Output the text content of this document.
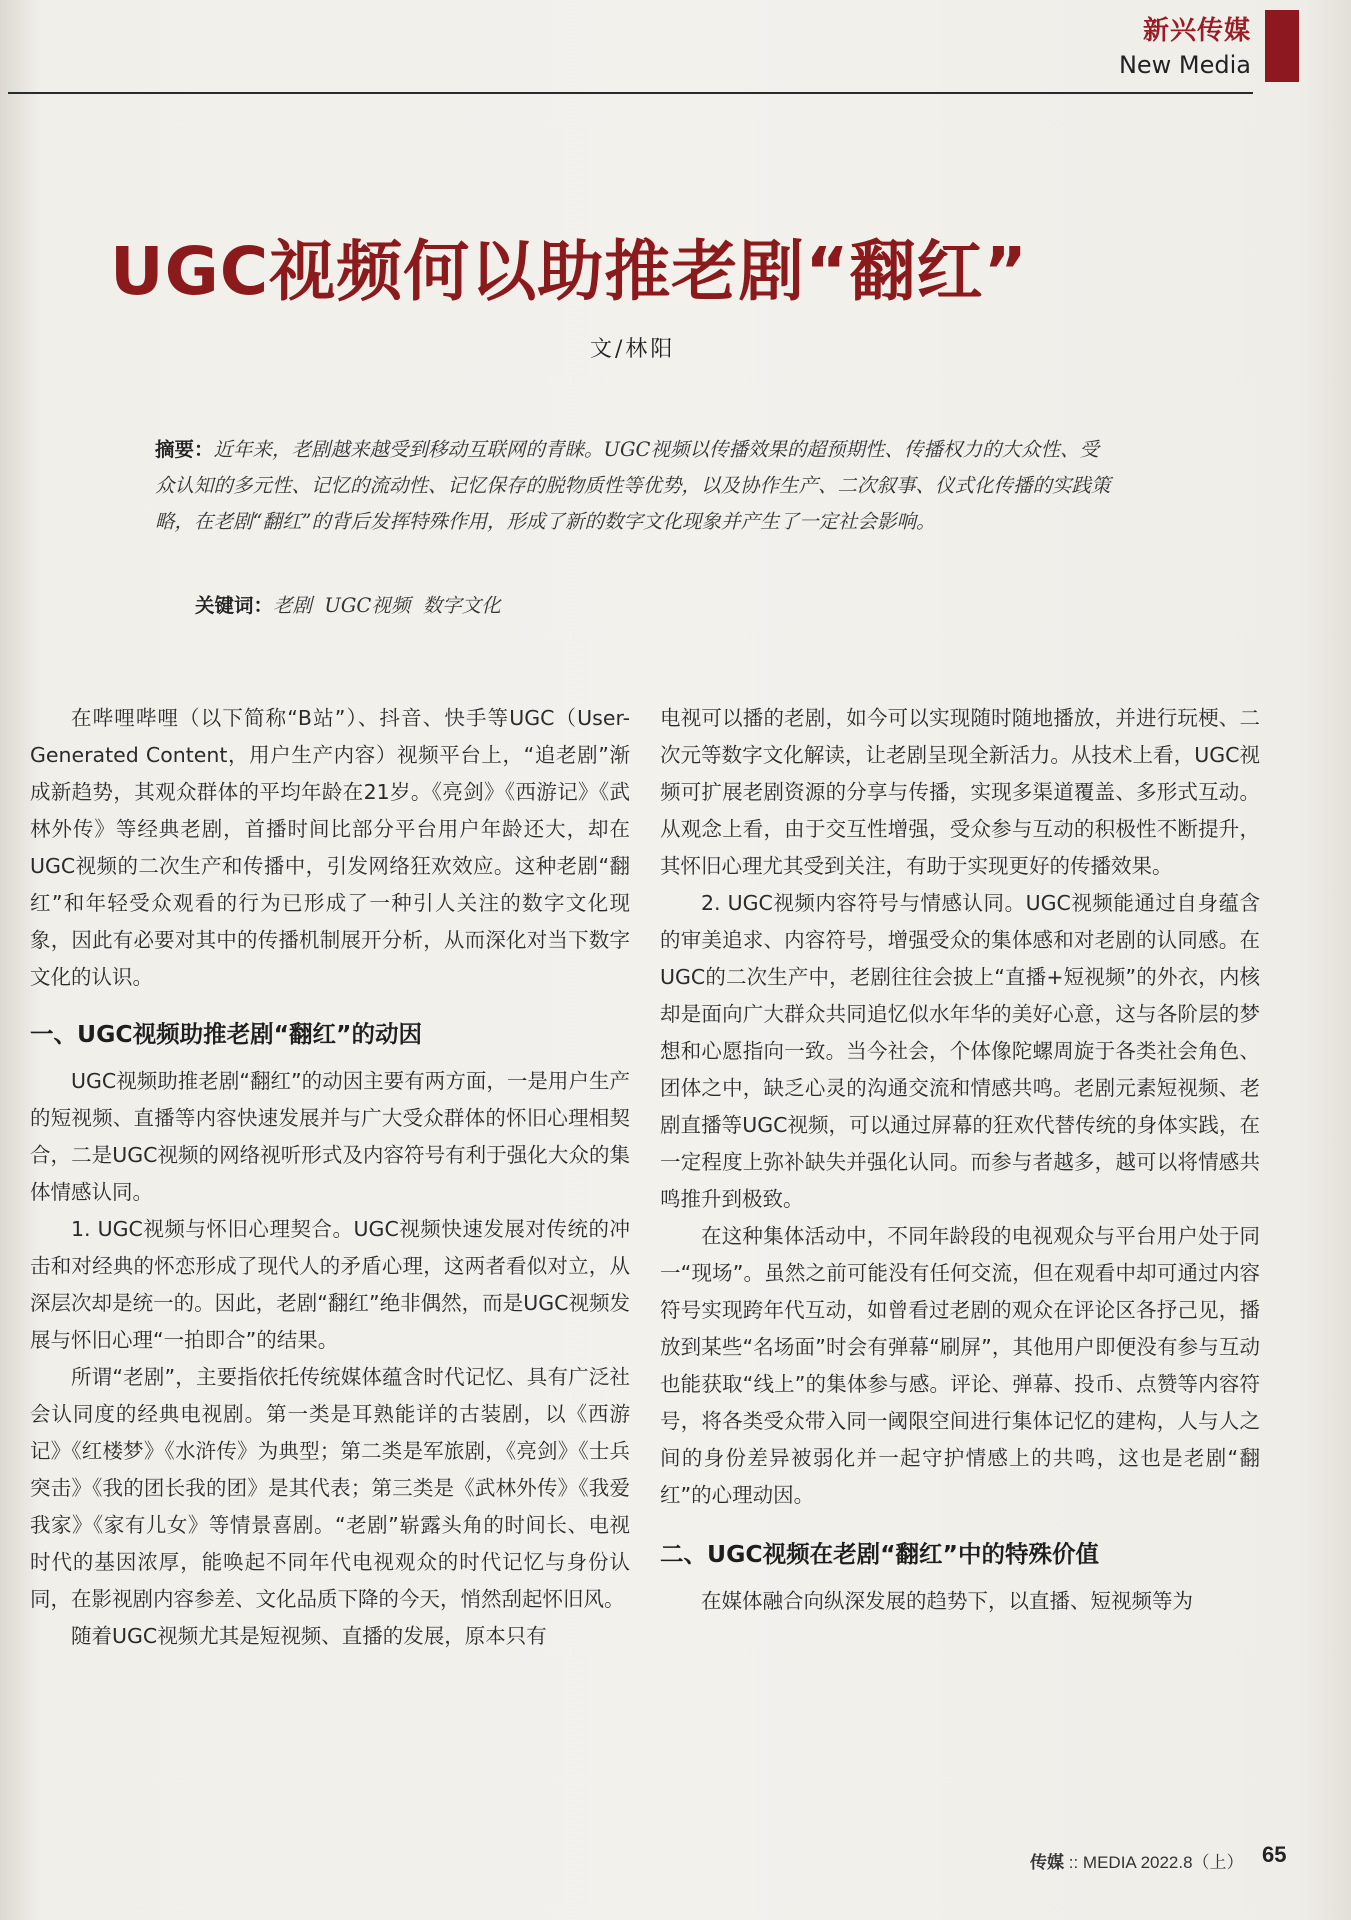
新兴传媒
New Media
UGC视频何以助推老剧“翻红”
文/林阳
摘要：近年来，老剧越来越受到移动互联网的青睐。UGC视频以传播效果的超预期性、传播权力的大众性、受众认知的多元性、记忆的流动性、记忆保存的脱物质性等优势，以及协作生产、二次叙事、仪式化传播的实践策略，在老剧“翻红”的背后发挥特殊作用，形成了新的数字文化现象并产生了一定社会影响。
关键词：老剧  UGC视频  数字文化

在哔哩哔哩（以下简称“B站”）、抖音、快手等UGC（User-Generated Content，用户生产内容）视频平台上，“追老剧”渐成新趋势，其观众群体的平均年龄在21岁。《亮剑》《西游记》《武林外传》等经典老剧，首播时间比部分平台用户年龄还大，却在UGC视频的二次生产和传播中，引发网络狂欢效应。这种老剧“翻红”和年轻受众观看的行为已形成了一种引人关注的数字文化现象，因此有必要对其中的传播机制展开分析，从而深化对当下数字文化的认识。

一、UGC视频助推老剧“翻红”的动因

UGC视频助推老剧“翻红”的动因主要有两方面，一是用户生产的短视频、直播等内容快速发展并与广大受众群体的怀旧心理相契合，二是UGC视频的网络视听形式及内容符号有利于强化大众的集体情感认同。

1. UGC视频与怀旧心理契合。UGC视频快速发展对传统的冲击和对经典的怀恋形成了现代人的矛盾心理，这两者看似对立，从深层次却是统一的。因此，老剧“翻红”绝非偶然，而是UGC视频发展与怀旧心理“一拍即合”的结果。

所谓“老剧”，主要指依托传统媒体蕴含时代记忆、具有广泛社会认同度的经典电视剧。第一类是耳熟能详的古装剧，以《西游记》《红楼梦》《水浒传》为典型；第二类是军旅剧，《亮剑》《士兵突击》《我的团长我的团》是其代表；第三类是《武林外传》《我爱我家》《家有儿女》等情景喜剧。“老剧”崭露头角的时间长、电视时代的基因浓厚，能唤起不同年代电视观众的时代记忆与身份认同，在影视剧内容参差、文化品质下降的今天，悄然刮起怀旧风。

随着UGC视频尤其是短视频、直播的发展，原本只有

电视可以播的老剧，如今可以实现随时随地播放，并进行玩梗、二次元等数字文化解读，让老剧呈现全新活力。从技术上看，UGC视频可扩展老剧资源的分享与传播，实现多渠道覆盖、多形式互动。从观念上看，由于交互性增强，受众参与互动的积极性不断提升，其怀旧心理尤其受到关注，有助于实现更好的传播效果。

2. UGC视频内容符号与情感认同。UGC视频能通过自身蕴含的审美追求、内容符号，增强受众的集体感和对老剧的认同感。在UGC的二次生产中，老剧往往会披上“直播+短视频”的外衣，内核却是面向广大群众共同追忆似水年华的美好心意，这与各阶层的梦想和心愿指向一致。当今社会，个体像陀螺周旋于各类社会角色、团体之中，缺乏心灵的沟通交流和情感共鸣。老剧元素短视频、老剧直播等UGC视频，可以通过屏幕的狂欢代替传统的身体实践，在一定程度上弥补缺失并强化认同。而参与者越多，越可以将情感共鸣推升到极致。

在这种集体活动中，不同年龄段的电视观众与平台用户处于同一“现场”。虽然之前可能没有任何交流，但在观看中却可通过内容符号实现跨年代互动，如曾看过老剧的观众在评论区各抒己见，播放到某些“名场面”时会有弹幕“刷屏”，其他用户即便没有参与互动也能获取“线上”的集体参与感。评论、弹幕、投币、点赞等内容符号，将各类受众带入同一阈限空间进行集体记忆的建构，人与人之间的身份差异被弱化并一起守护情感上的共鸣，这也是老剧“翻红”的心理动因。

二、UGC视频在老剧“翻红”中的特殊价值

在媒体融合向纵深发展的趋势下，以直播、短视频等为

传媒 :: MEDIA 2022.8（上） 65
